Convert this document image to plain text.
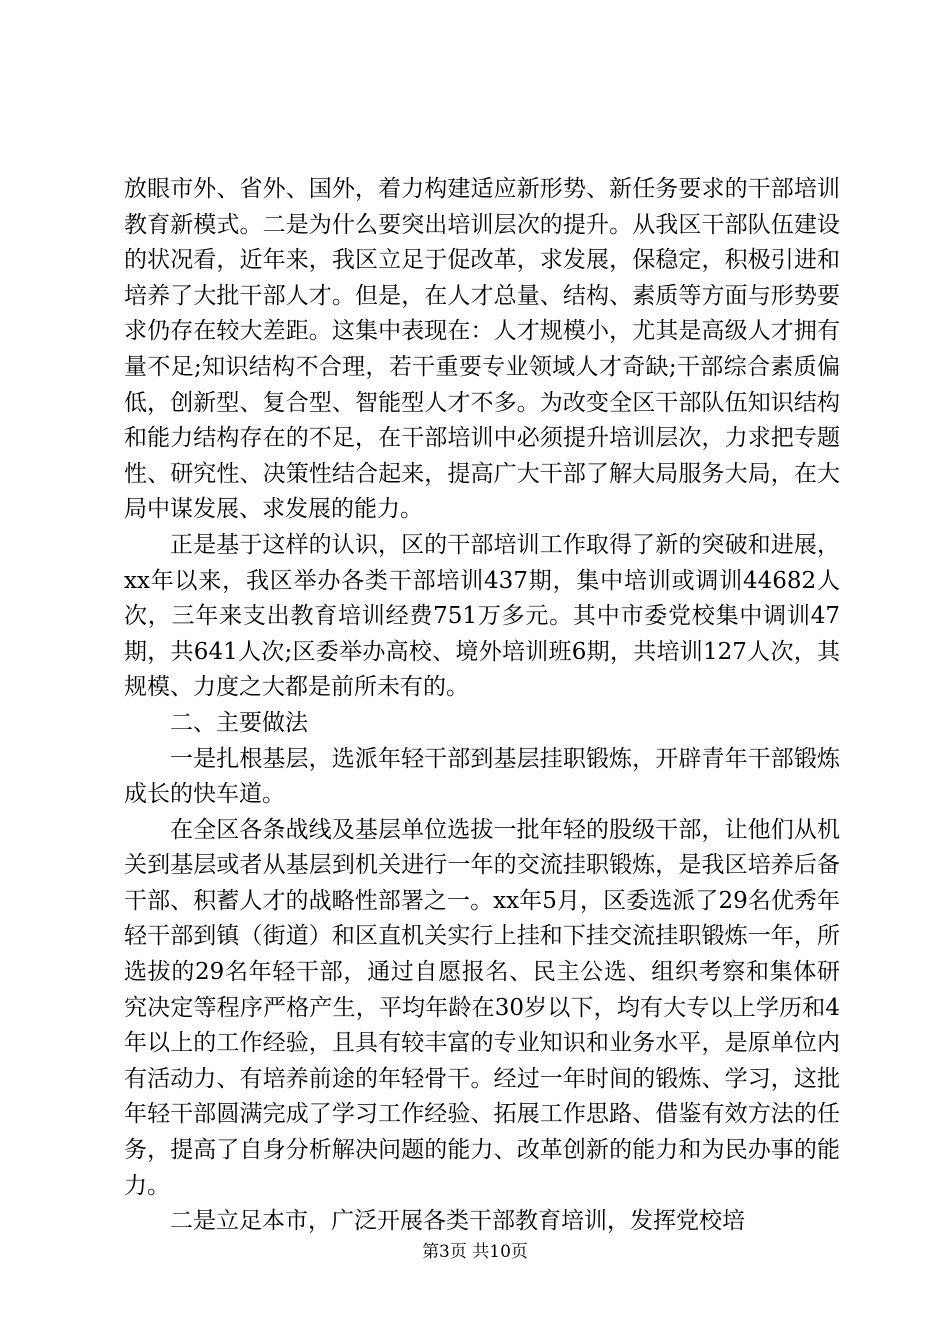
放眼市外、省外、国外，着力构建适应新形势、新任务要求的干部培训教育新模式。二是为什么要突出培训层次的提升。从我区干部队伍建设的状况看，近年来，我区立足于促改革，求发展，保稳定，积极引进和培养了大批干部人才。但是，在人才总量、结构、素质等方面与形势要求仍存在较大差距。这集中表现在：人才规模小，尤其是高级人才拥有量不足;知识结构不合理，若干重要专业领域人才奇缺;干部综合素质偏低，创新型、复合型、智能型人才不多。为改变全区干部队伍知识结构和能力结构存在的不足，在干部培训中必须提升培训层次，力求把专题性、研究性、决策性结合起来，提高广大干部了解大局服务大局，在大局中谋发展、求发展的能力。

正是基于这样的认识，区的干部培训工作取得了新的突破和进展，xx年以来，我区举办各类干部培训437期，集中培训或调训44682人次，三年来支出教育培训经费751万多元。其中市委党校集中调训47期，共641人次;区委举办高校、境外培训班6期，共培训127人次，其规模、力度之大都是前所未有的。

二、主要做法

一是扎根基层，选派年轻干部到基层挂职锻炼，开辟青年干部锻炼成长的快车道。

在全区各条战线及基层单位选拔一批年轻的股级干部，让他们从机关到基层或者从基层到机关进行一年的交流挂职锻炼，是我区培养后备干部、积蓄人才的战略性部署之一。xx年5月，区委选派了29名优秀年轻干部到镇（街道）和区直机关实行上挂和下挂交流挂职锻炼一年，所选拔的29名年轻干部，通过自愿报名、民主公选、组织考察和集体研究决定等程序严格产生，平均年龄在30岁以下，均有大专以上学历和4年以上的工作经验，且具有较丰富的专业知识和业务水平，是原单位内有活动力、有培养前途的年轻骨干。经过一年时间的锻炼、学习，这批年轻干部圆满完成了学习工作经验、拓展工作思路、借鉴有效方法的任务，提高了自身分析解决问题的能力、改革创新的能力和为民办事的能力。

二是立足本市，广泛开展各类干部教育培训，发挥党校培

第3页 共10页
